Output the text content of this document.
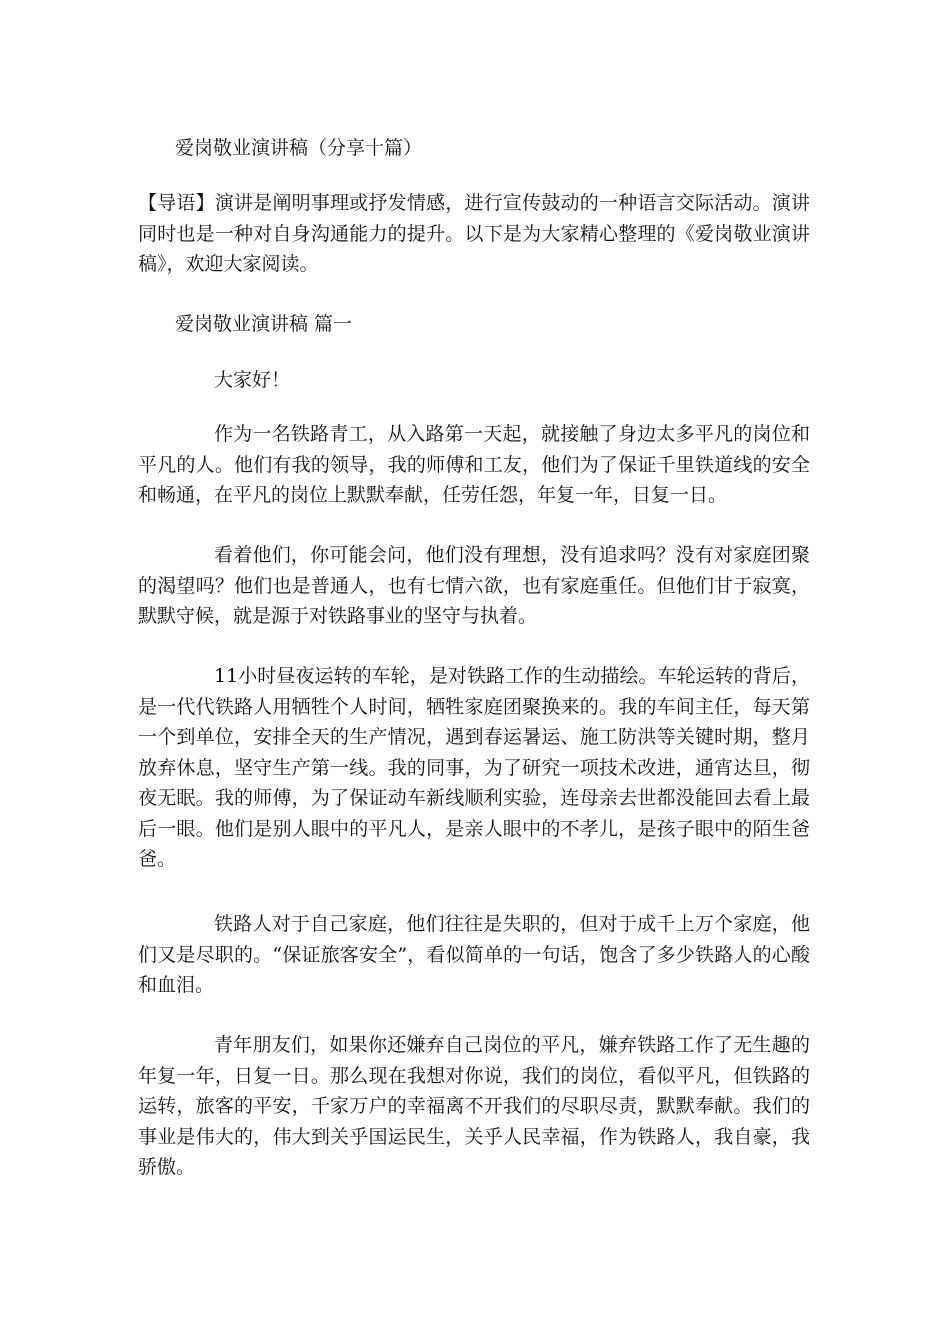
爱岗敬业演讲稿（分享十篇）

【导语】演讲是阐明事理或抒发情感，进行宣传鼓动的一种语言交际活动。演讲同时也是一种对自身沟通能力的提升。以下是为大家精心整理的《爱岗敬业演讲稿》，欢迎大家阅读。

爱岗敬业演讲稿 篇一

大家好！

作为一名铁路青工，从入路第一天起，就接触了身边太多平凡的岗位和平凡的人。他们有我的领导，我的师傅和工友，他们为了保证千里铁道线的安全和畅通，在平凡的岗位上默默奉献，任劳任怨，年复一年，日复一日。

看着他们，你可能会问，他们没有理想，没有追求吗？没有对家庭团聚的渴望吗？他们也是普通人，也有七情六欲，也有家庭重任。但他们甘于寂寞，默默守候，就是源于对铁路事业的坚守与执着。

11小时昼夜运转的车轮，是对铁路工作的生动描绘。车轮运转的背后，是一代代铁路人用牺牲个人时间，牺牲家庭团聚换来的。我的车间主任，每天第一个到单位，安排全天的生产情况，遇到春运暑运、施工防洪等关键时期，整月放弃休息，坚守生产第一线。我的同事，为了研究一项技术改进，通宵达旦，彻夜无眠。我的师傅，为了保证动车新线顺利实验，连母亲去世都没能回去看上最后一眼。他们是别人眼中的平凡人，是亲人眼中的不孝儿，是孩子眼中的陌生爸爸。

铁路人对于自己家庭，他们往往是失职的，但对于成千上万个家庭，他们又是尽职的。“保证旅客安全”，看似简单的一句话，饱含了多少铁路人的心酸和血泪。

青年朋友们，如果你还嫌弃自己岗位的平凡，嫌弃铁路工作了无生趣的年复一年，日复一日。那么现在我想对你说，我们的岗位，看似平凡，但铁路的运转，旅客的平安，千家万户的幸福离不开我们的尽职尽责，默默奉献。我们的事业是伟大的，伟大到关乎国运民生，关乎人民幸福，作为铁路人，我自豪，我骄傲。
